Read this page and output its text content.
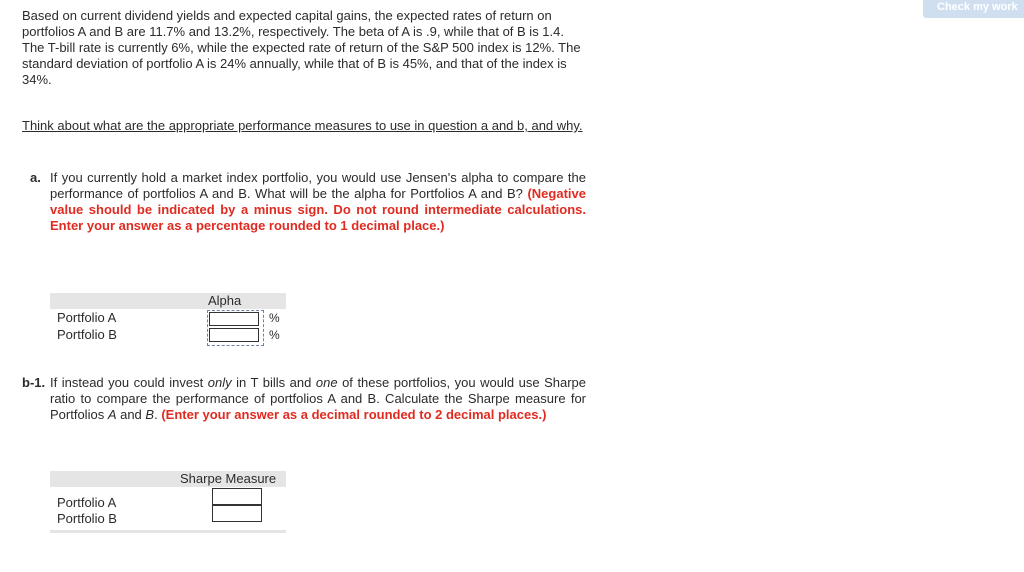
Check my work

Based on current dividend yields and expected capital gains, the expected rates of return on portfolios A and B are 11.7% and 13.2%, respectively. The beta of A is .9, while that of B is 1.4. The T-bill rate is currently 6%, while the expected rate of return of the S&P 500 index is 12%. The standard deviation of portfolio A is 24% annually, while that of B is 45%, and that of the index is 34%.

Think about what are the appropriate performance measures to use in question a and b, and why.
a. If you currently hold a market index portfolio, you would use Jensen's alpha to compare the performance of portfolios A and B. What will be the alpha for Portfolios A and B? (Negative value should be indicated by a minus sign. Do not round intermediate calculations. Enter your answer as a percentage rounded to 1 decimal place.)
Alpha
Portfolio A
Portfolio B
%
%
b-1. If instead you could invest only in T bills and one of these portfolios, you would use Sharpe ratio to compare the performance of portfolios A and B. Calculate the Sharpe measure for Portfolios A and B. (Enter your answer as a decimal rounded to 2 decimal places.)
Sharpe Measure
Portfolio A
Portfolio B
